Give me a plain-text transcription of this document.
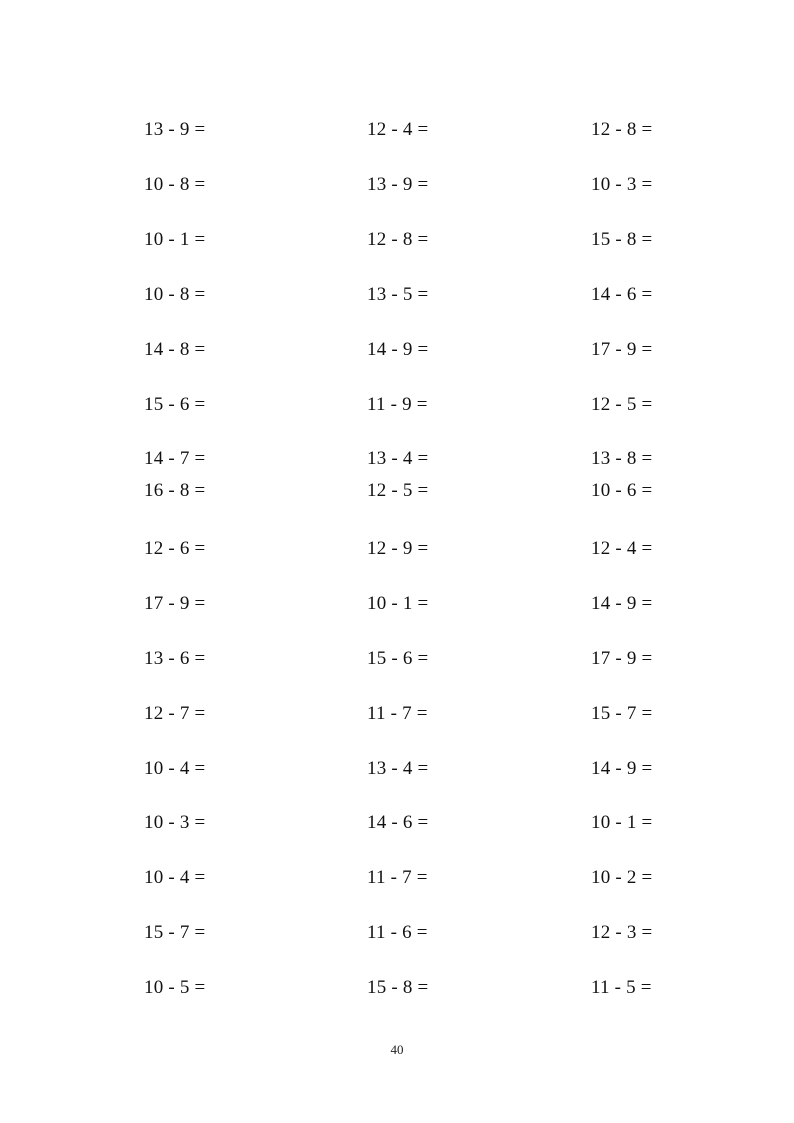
13 - 9 =	12 - 4 =	12 - 8 =
10 - 8 =	13 - 9 =	10 - 3 =
10 - 1 =	12 - 8 =	15 - 8 =
10 - 8 =	13 - 5 =	14 - 6 =
14 - 8 =	14 - 9 =	17 - 9 =
15 - 6 =	11 - 9 =	12 - 5 =
14 - 7 =	13 - 4 =	13 - 8 =
16 - 8 =	12 - 5 =	10 - 6 =
12 - 6 =	12 - 9 =	12 - 4 =
17 - 9 =	10 - 1 =	14 - 9 =
13 - 6 =	15 - 6 =	17 - 9 =
12 - 7 =	11 - 7 =	15 - 7 =
10 - 4 =	13 - 4 =	14 - 9 =
10 - 3 =	14 - 6 =	10 - 1 =
10 - 4 =	11 - 7 =	10 - 2 =
15 - 7 =	11 - 6 =	12 - 3 =
10 - 5 =	15 - 8 =	11 - 5 =
40
